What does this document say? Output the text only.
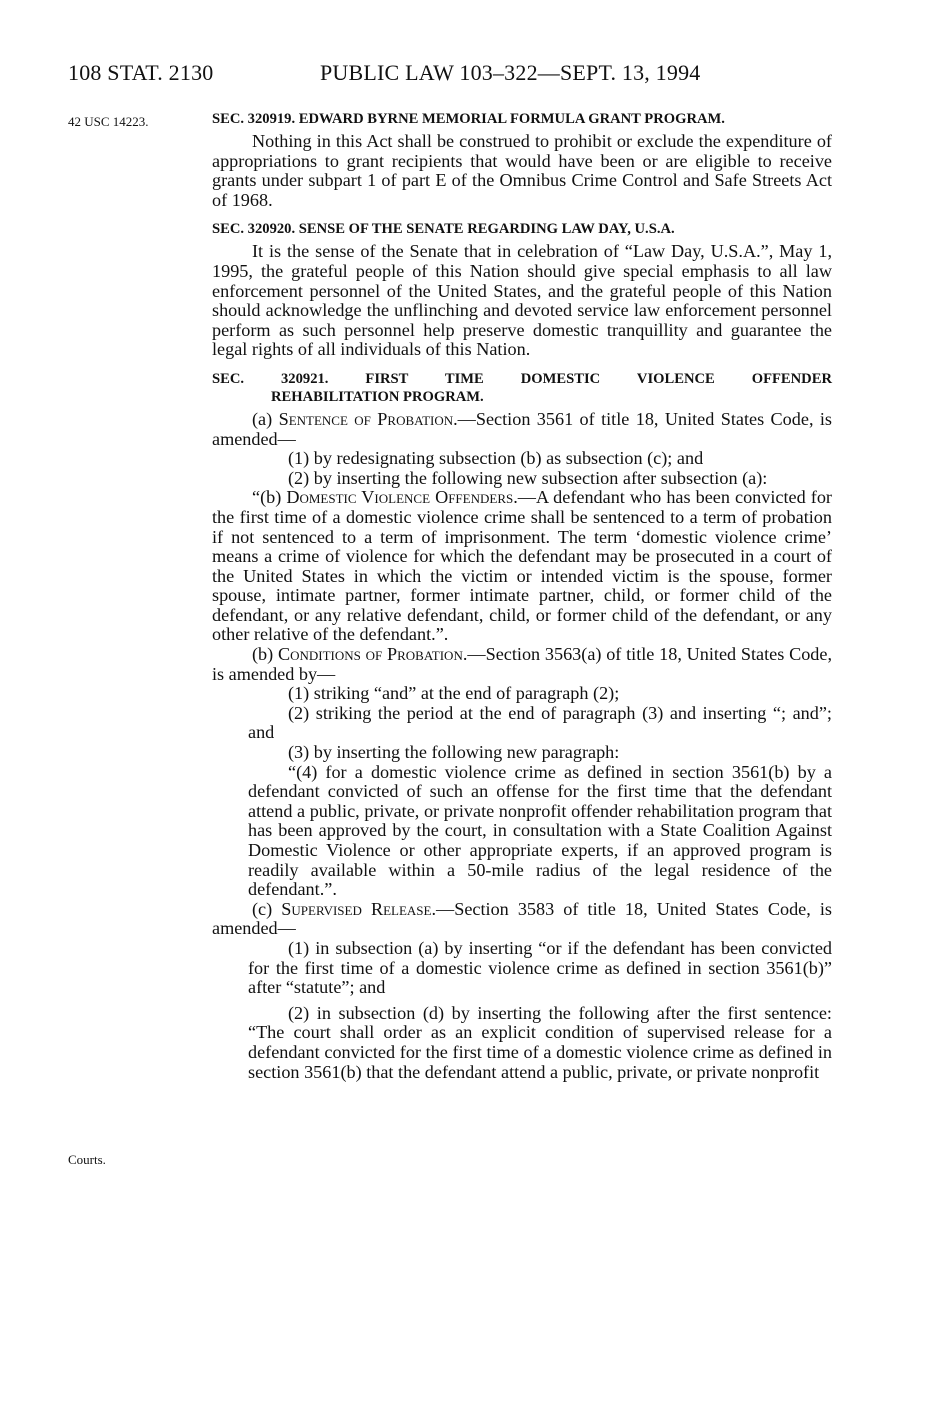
108 STAT. 2130	PUBLIC LAW 103–322—SEPT. 13, 1994
42 USC 14223.
Courts.
SEC. 320919. EDWARD BYRNE MEMORIAL FORMULA GRANT PROGRAM.

Nothing in this Act shall be construed to prohibit or exclude the expenditure of appropriations to grant recipients that would have been or are eligible to receive grants under subpart 1 of part E of the Omnibus Crime Control and Safe Streets Act of 1968.

SEC. 320920. SENSE OF THE SENATE REGARDING LAW DAY, U.S.A.

It is the sense of the Senate that in celebration of “Law Day, U.S.A.”, May 1, 1995, the grateful people of this Nation should give special emphasis to all law enforcement personnel of the United States, and the grateful people of this Nation should acknowledge the unflinching and devoted service law enforcement personnel perform as such personnel help preserve domestic tranquillity and guarantee the legal rights of all individuals of this Nation.

SEC. 320921. FIRST TIME DOMESTIC VIOLENCE OFFENDER
REHABILITATION PROGRAM.

(a) Sentence of Probation.—Section 3561 of title 18, United States Code, is amended—

(1) by redesignating subsection (b) as subsection (c); and

(2) by inserting the following new subsection after subsection (a):

“(b) Domestic Violence Offenders.—A defendant who has been convicted for the first time of a domestic violence crime shall be sentenced to a term of probation if not sentenced to a term of imprisonment. The term ‘domestic violence crime’ means a crime of violence for which the defendant may be prosecuted in a court of the United States in which the victim or intended victim is the spouse, former spouse, intimate partner, former intimate partner, child, or former child of the defendant, or any relative defendant, child, or former child of the defendant, or any other relative of the defendant.”.

(b) Conditions of Probation.—Section 3563(a) of title 18, United States Code, is amended by—

(1) striking “and” at the end of paragraph (2);

(2) striking the period at the end of paragraph (3) and inserting “; and”; and

(3) by inserting the following new paragraph:

“(4) for a domestic violence crime as defined in section 3561(b) by a defendant convicted of such an offense for the first time that the defendant attend a public, private, or private nonprofit offender rehabilitation program that has been approved by the court, in consultation with a State Coalition Against Domestic Violence or other appropriate experts, if an approved program is readily available within a 50-mile radius of the legal residence of the defendant.”.

(c) Supervised Release.—Section 3583 of title 18, United States Code, is amended—

(1) in subsection (a) by inserting “or if the defendant has been convicted for the first time of a domestic violence crime as defined in section 3561(b)” after “statute”; and

(2) in subsection (d) by inserting the following after the first sentence: “The court shall order as an explicit condition of supervised release for a defendant convicted for the first time of a domestic violence crime as defined in section 3561(b) that the defendant attend a public, private, or private nonprofit
